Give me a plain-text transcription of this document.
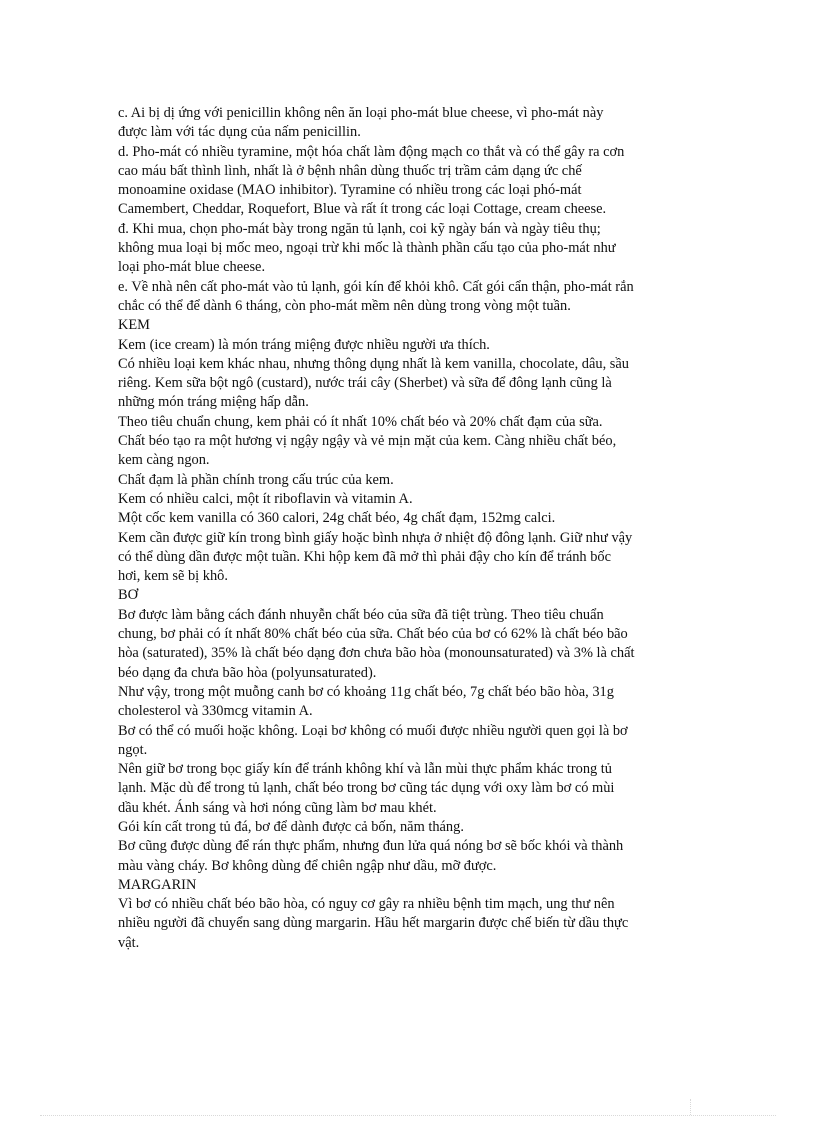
c. Ai bị dị ứng với penicillin không nên ăn loại pho-mát blue cheese, vì pho-mát này

được làm với tác dụng của nấm penicillin.

d. Pho-mát có nhiều tyramine, một hóa chất làm động mạch co thắt và có thể gây ra cơn

cao máu bất thình lình, nhất là ở bệnh nhân dùng thuốc trị trầm cảm dạng ức chế

monoamine oxidase (MAO inhibitor). Tyramine có nhiều trong các loại phó-mát

Camembert, Cheddar, Roquefort, Blue và rất ít trong các loại Cottage, cream cheese.

đ. Khi mua, chọn pho-mát bày trong ngăn tủ lạnh, coi kỹ ngày bán và ngày tiêu thụ;

không mua loại bị mốc meo, ngoại trừ khi mốc là thành phần cấu tạo của pho-mát như

loại pho-mát blue cheese.

e. Về nhà nên cất pho-mát vào tủ lạnh, gói kín để khỏi khô. Cất gói cẩn thận, pho-mát rắn

chắc có thể để dành 6 tháng, còn pho-mát mềm nên dùng trong vòng một tuần.

KEM

Kem (ice cream) là món tráng miệng được nhiều người ưa thích.

Có nhiều loại kem khác nhau, nhưng thông dụng nhất là kem vanilla, chocolate, dâu, sầu

riêng. Kem sữa bột ngô (custard), nước trái cây (Sherbet) và sữa để đông lạnh cũng là

những món tráng miệng hấp dẫn.

Theo tiêu chuẩn chung, kem phải có ít nhất 10% chất béo và 20% chất đạm của sữa.

Chất béo tạo ra một hương vị ngậy ngậy và vẻ mịn mặt của kem. Càng nhiều chất béo,

kem càng ngon.

Chất đạm là phần chính trong cấu trúc của kem.

Kem có nhiều calci, một ít riboflavin và vitamin A.

Một cốc kem vanilla có 360 calori, 24g chất béo, 4g chất đạm, 152mg calci.

Kem cần được giữ kín trong bình giấy hoặc bình nhựa ở nhiệt độ đông lạnh. Giữ như vậy

có thể dùng dần được một tuần. Khi hộp kem đã mở thì phải đậy cho kín để tránh bốc

hơi, kem sẽ bị khô.

BƠ

Bơ được làm bằng cách đánh nhuyễn chất béo của sữa đã tiệt trùng. Theo tiêu chuẩn

chung, bơ phải có ít nhất 80% chất béo của sữa. Chất béo của bơ có 62% là chất béo bão

hòa (saturated), 35% là chất béo dạng đơn chưa bão hòa (monounsaturated) và 3% là chất

béo dạng đa chưa bão hòa (polyunsaturated).

Như vậy, trong một muỗng canh bơ có khoảng 11g chất béo, 7g chất béo bão hòa, 31g

cholesterol và 330mcg vitamin A.

Bơ có thể có muối hoặc không. Loại bơ không có muối được nhiều người quen gọi là bơ

ngọt.

Nên giữ bơ trong bọc giấy kín để tránh không khí và lẫn mùi thực phẩm khác trong tủ

lạnh. Mặc dù để trong tủ lạnh, chất béo trong bơ cũng tác dụng với oxy làm bơ có mùi

dầu khét. Ánh sáng và hơi nóng cũng làm bơ mau khét.

Gói kín cất trong tủ đá, bơ để dành được cả bốn, năm tháng.

Bơ cũng được dùng để rán thực phẩm, nhưng đun lửa quá nóng bơ sẽ bốc khói và thành

màu vàng cháy. Bơ không dùng để chiên ngập như dầu, mỡ được.

MARGARIN

Vì bơ có nhiều chất béo bão hòa, có nguy cơ gây ra nhiều bệnh tim mạch, ung thư nên

nhiều người đã chuyển sang dùng margarin. Hầu hết margarin được chế biến từ dầu thực

vật.
